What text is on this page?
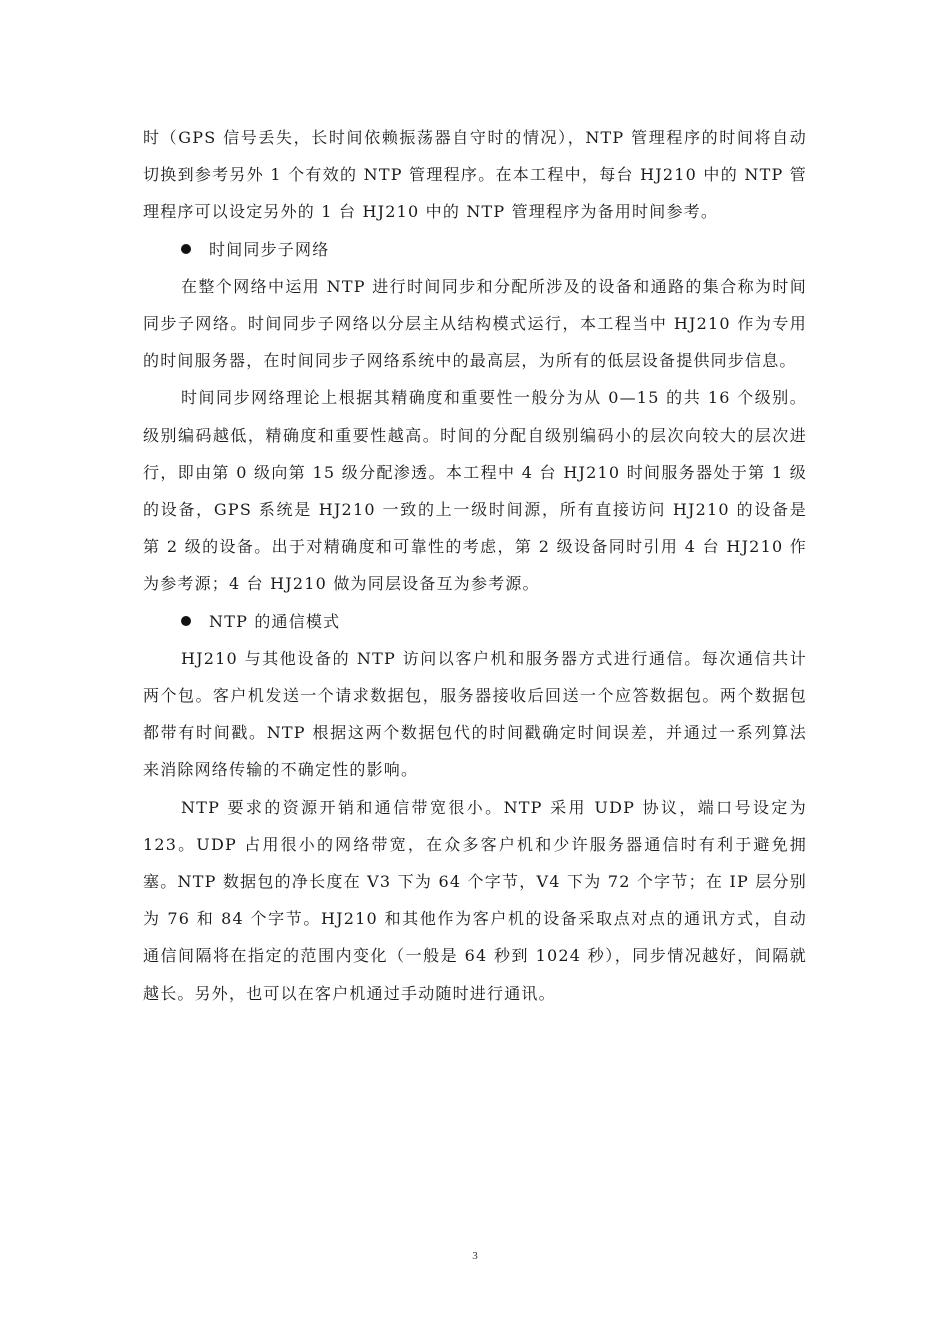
时（GPS 信号丢失，长时间依赖振荡器自守时的情况），NTP 管理程序的时间将自动切换到参考另外 1 个有效的 NTP 管理程序。在本工程中，每台 HJ210 中的 NTP 管理程序可以设定另外的 1 台 HJ210 中的 NTP 管理程序为备用时间参考。

时间同步子网络

在整个网络中运用 NTP 进行时间同步和分配所涉及的设备和通路的集合称为时间同步子网络。时间同步子网络以分层主从结构模式运行，本工程当中 HJ210 作为专用的时间服务器，在时间同步子网络系统中的最高层，为所有的低层设备提供同步信息。

时间同步网络理论上根据其精确度和重要性一般分为从 0—15 的共 16 个级别。级别编码越低，精确度和重要性越高。时间的分配自级别编码小的层次向较大的层次进行，即由第 0 级向第 15 级分配渗透。本工程中 4 台 HJ210 时间服务器处于第 1 级的设备，GPS 系统是 HJ210 一致的上一级时间源，所有直接访问 HJ210 的设备是第 2 级的设备。出于对精确度和可靠性的考虑，第 2 级设备同时引用 4 台 HJ210 作为参考源；4 台 HJ210 做为同层设备互为参考源。

NTP 的通信模式

HJ210 与其他设备的 NTP 访问以客户机和服务器方式进行通信。每次通信共计两个包。客户机发送一个请求数据包，服务器接收后回送一个应答数据包。两个数据包都带有时间戳。NTP 根据这两个数据包代的时间戳确定时间误差，并通过一系列算法来消除网络传输的不确定性的影响。

NTP 要求的资源开销和通信带宽很小。NTP 采用 UDP 协议，端口号设定为 123。UDP 占用很小的网络带宽，在众多客户机和少许服务器通信时有利于避免拥塞。NTP 数据包的净长度在 V3 下为 64 个字节，V4 下为 72 个字节；在 IP 层分别为 76 和 84 个字节。HJ210 和其他作为客户机的设备采取点对点的通讯方式，自动通信间隔将在指定的范围内变化（一般是 64 秒到 1024 秒），同步情况越好，间隔就越长。另外，也可以在客户机通过手动随时进行通讯。

3
